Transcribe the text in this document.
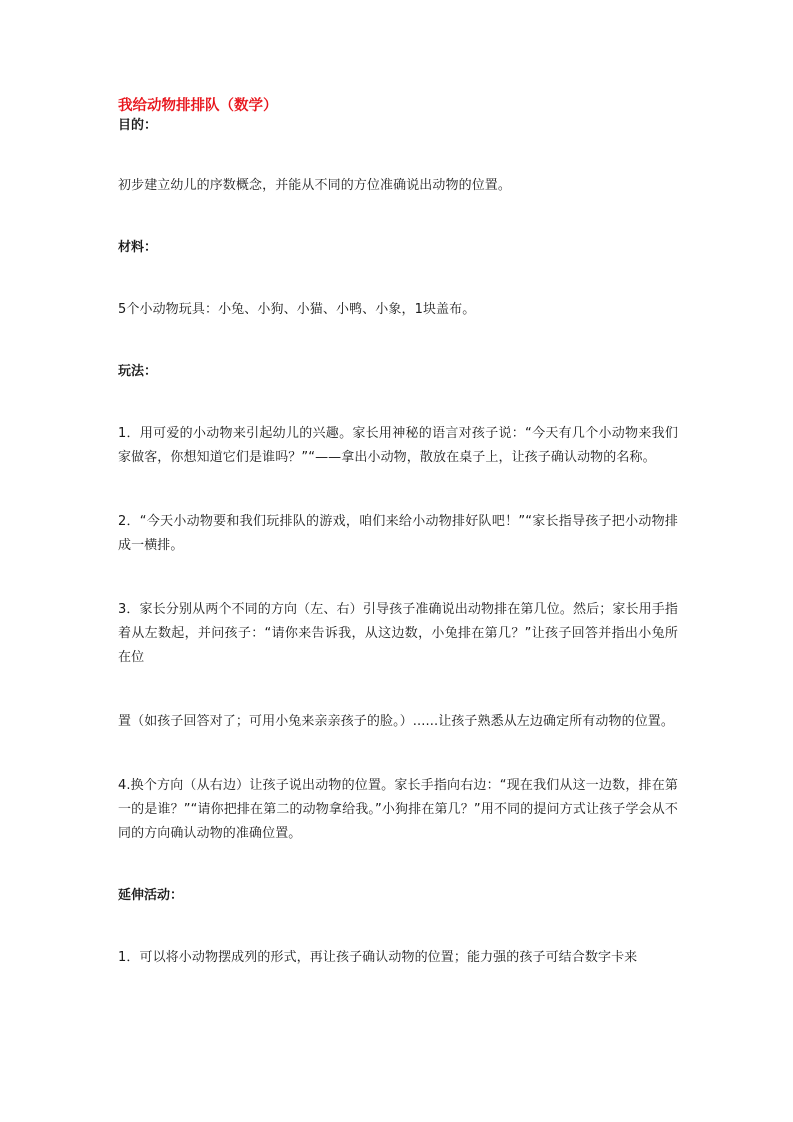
我给动物排排队（数学）

目的：

初步建立幼儿的序数概念，并能从不同的方位准确说出动物的位置。

材料：

5个小动物玩具：小兔、小狗、小猫、小鸭、小象，1块盖布。

玩法：

1．用可爱的小动物来引起幼儿的兴趣。家长用神秘的语言对孩子说：“今天有几个小动物来我们家做客，你想知道它们是谁吗？”“——拿出小动物，散放在桌子上，让孩子确认动物的名称。

2．“今天小动物要和我们玩排队的游戏，咱们来给小动物排好队吧！”“家长指导孩子把小动物排成一横排。

3．家长分别从两个不同的方向（左、右）引导孩子准确说出动物排在第几位。然后；家长用手指着从左数起，并问孩子：“请你来告诉我，从这边数，小兔排在第几？”让孩子回答并指出小兔所在位

置（如孩子回答对了；可用小兔来亲亲孩子的脸。）......让孩子熟悉从左边确定所有动物的位置。

4.换个方向（从右边）让孩子说出动物的位置。家长手指向右边：“现在我们从这一边数，排在第一的是谁？”“请你把排在第二的动物拿给我。”小狗排在第几？”用不同的提问方式让孩子学会从不同的方向确认动物的准确位置。

延伸活动：

1．可以将小动物摆成列的形式，再让孩子确认动物的位置；能力强的孩子可结合数字卡来
